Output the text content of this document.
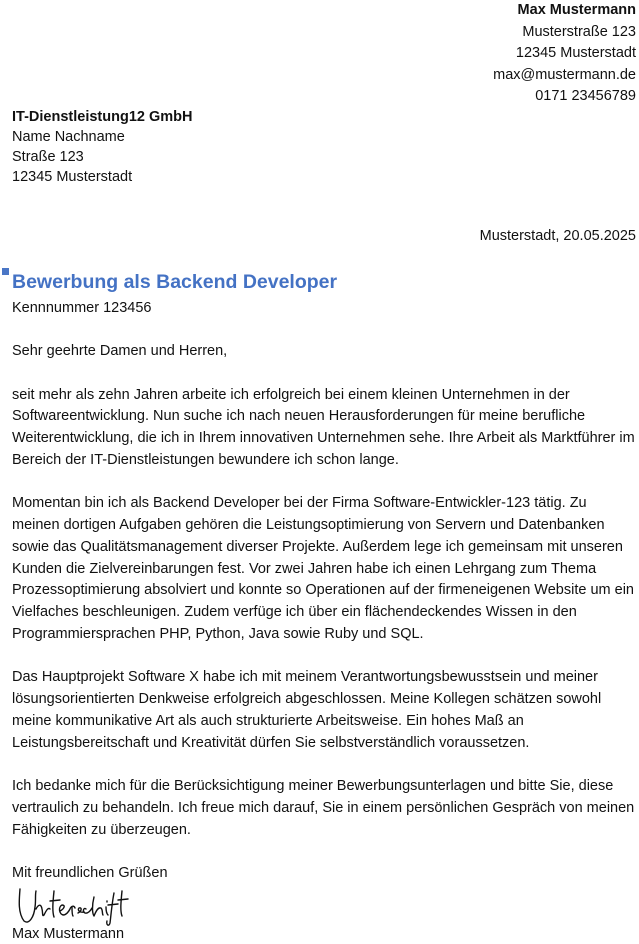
Max Mustermann
Musterstraße 123
12345 Musterstadt
max@mustermann.de
0171 23456789
IT-Dienstleistung12 GmbH
Name Nachname
Straße 123
12345 Musterstadt
Musterstadt, 20.05.2025
Bewerbung als Backend Developer
Kennnummer 123456

Sehr geehrte Damen und Herren,

seit mehr als zehn Jahren arbeite ich erfolgreich bei einem kleinen Unternehmen in der Softwareentwicklung. Nun suche ich nach neuen Herausforderungen für meine berufliche Weiterentwicklung, die ich in Ihrem innovativen Unternehmen sehe. Ihre Arbeit als Marktführer im Bereich der IT-Dienstleistungen bewundere ich schon lange.

Momentan bin ich als Backend Developer bei der Firma Software-Entwickler-123 tätig. Zu meinen dortigen Aufgaben gehören die Leistungsoptimierung von Servern und Datenbanken sowie das Qualitätsmanagement diverser Projekte. Außerdem lege ich gemeinsam mit unseren Kunden die Zielvereinbarungen fest. Vor zwei Jahren habe ich einen Lehrgang zum Thema Prozessoptimierung absolviert und konnte so Operationen auf der firmeneigenen Website um ein Vielfaches beschleunigen. Zudem verfüge ich über ein flächendeckendes Wissen in den Programmiersprachen PHP, Python, Java sowie Ruby und SQL.

Das Hauptprojekt Software X habe ich mit meinem Verantwortungsbewusstsein und meiner lösungsorientierten Denkweise erfolgreich abgeschlossen. Meine Kollegen schätzen sowohl meine kommunikative Art als auch strukturierte Arbeitsweise. Ein hohes Maß an Leistungsbereitschaft und Kreativität dürfen Sie selbstverständlich voraussetzen.

Ich bedanke mich für die Berücksichtigung meiner Bewerbungsunterlagen und bitte Sie, diese vertraulich zu behandeln. Ich freue mich darauf, Sie in einem persönlichen Gespräch von meinen Fähigkeiten zu überzeugen.

Mit freundlichen Grüßen

Max Mustermann
